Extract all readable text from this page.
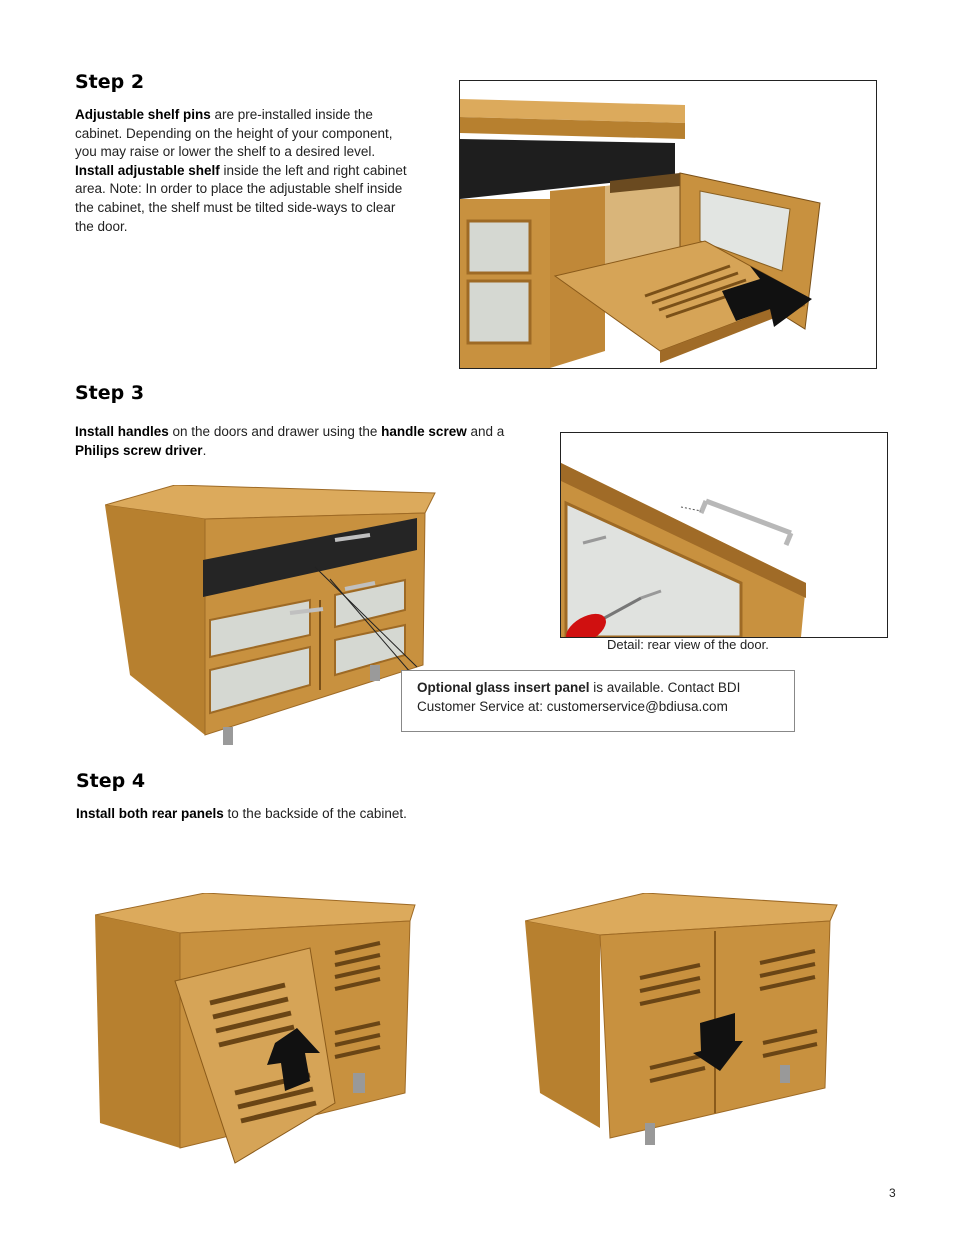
Step 2
Adjustable shelf pins are pre-installed inside the cabinet. Depending on the height of your component, you may raise or lower the shelf to a desired level.
Install adjustable shelf inside the left and right cabinet area. Note: In order to place the adjustable shelf inside the cabinet, the shelf must be tilted side-ways to clear the door.
Step 3
Install handles on the doors and drawer using the handle screw and a Philips screw driver.
Detail: rear view of the door.
Optional glass insert panel is available. Contact BDI
Customer Service at: customerservice@bdiusa.com
Step 4
Install both rear panels to the backside of the cabinet.
3
